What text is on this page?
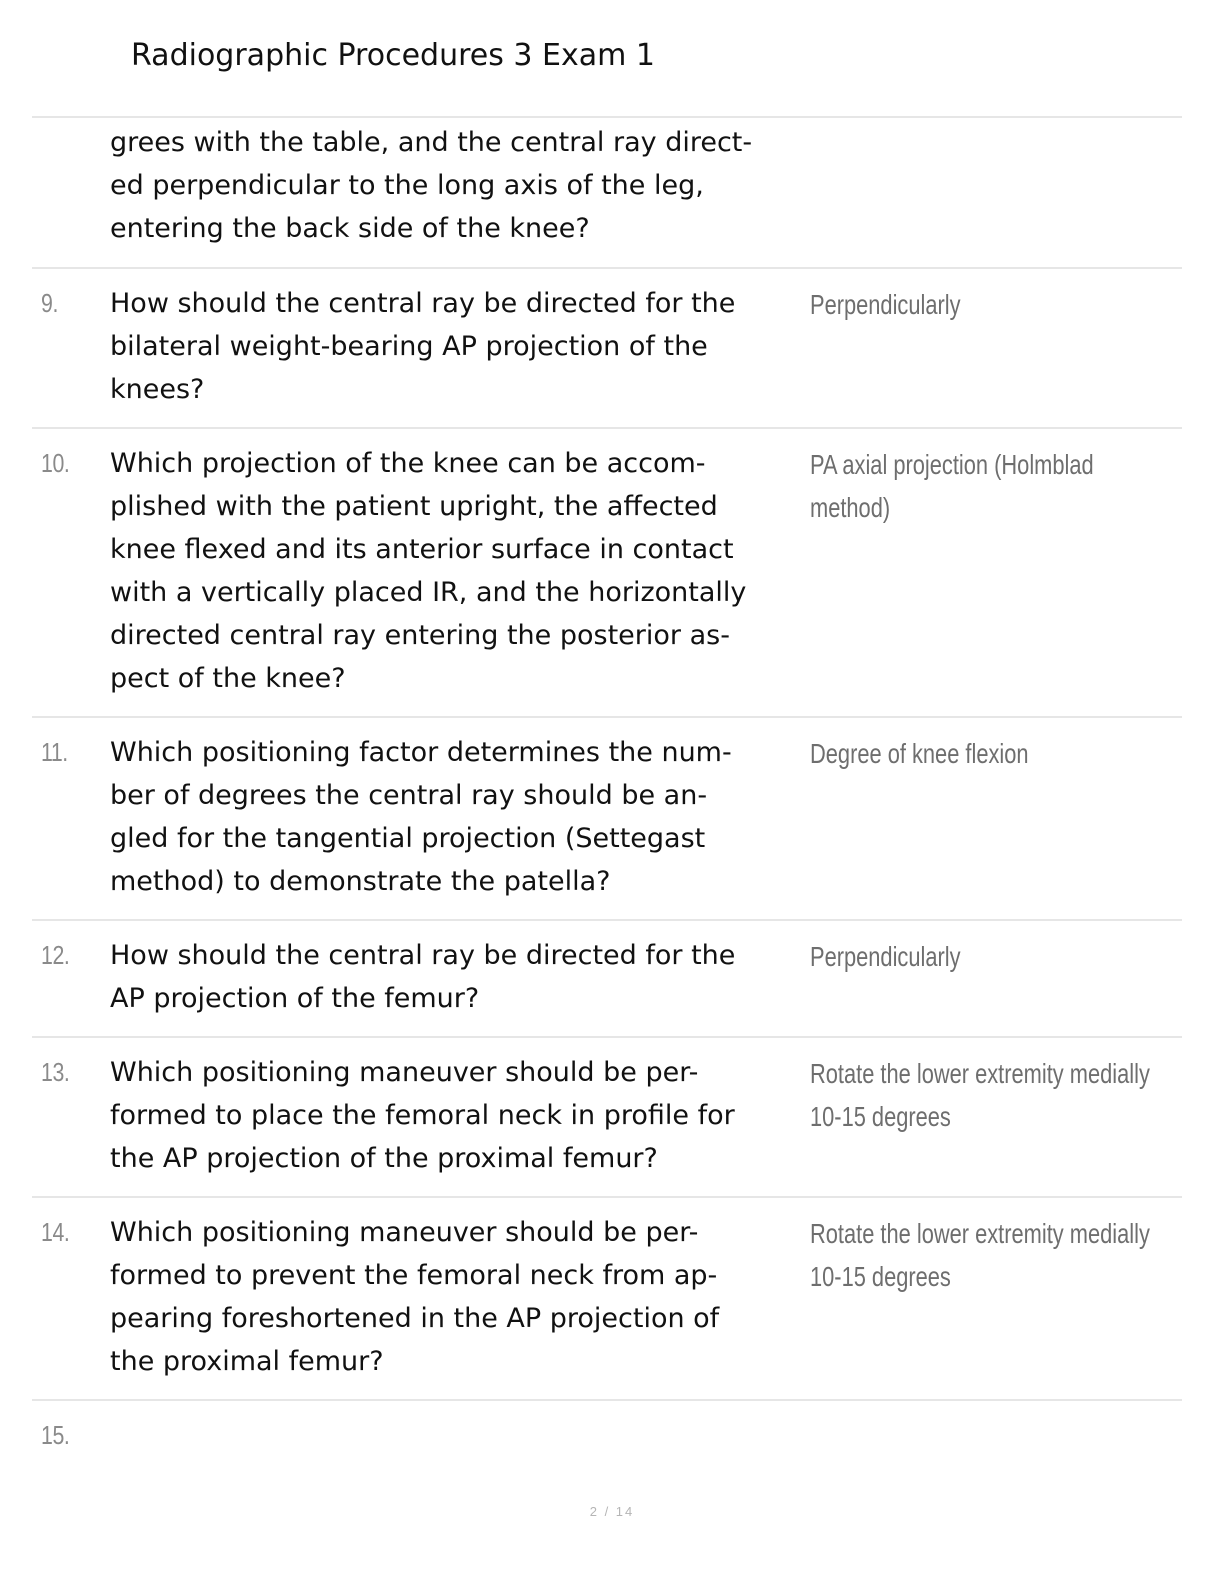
Radiographic Procedures 3 Exam 1
grees with the table, and the central ray direct-
ed perpendicular to the long axis of the leg,
entering the back side of the knee?
9. How should the central ray be directed for the
bilateral weight-bearing AP projection of the
knees?
Perpendicularly
10. Which projection of the knee can be accom-
plished with the patient upright, the affected
knee flexed and its anterior surface in contact
with a vertically placed IR, and the horizontally
directed central ray entering the posterior as-
pect of the knee?
PA axial projection (Holmblad
method)
11. Which positioning factor determines the num-
ber of degrees the central ray should be an-
gled for the tangential projection (Settegast
method) to demonstrate the patella?
Degree of knee flexion
12. How should the central ray be directed for the
AP projection of the femur?
Perpendicularly
13. Which positioning maneuver should be per-
formed to place the femoral neck in profile for
the AP projection of the proximal femur?
Rotate the lower extremity medially
10-15 degrees
14. Which positioning maneuver should be per-
formed to prevent the femoral neck from ap-
pearing foreshortened in the AP projection of
the proximal femur?
Rotate the lower extremity medially
10-15 degrees
15.
2 / 14
